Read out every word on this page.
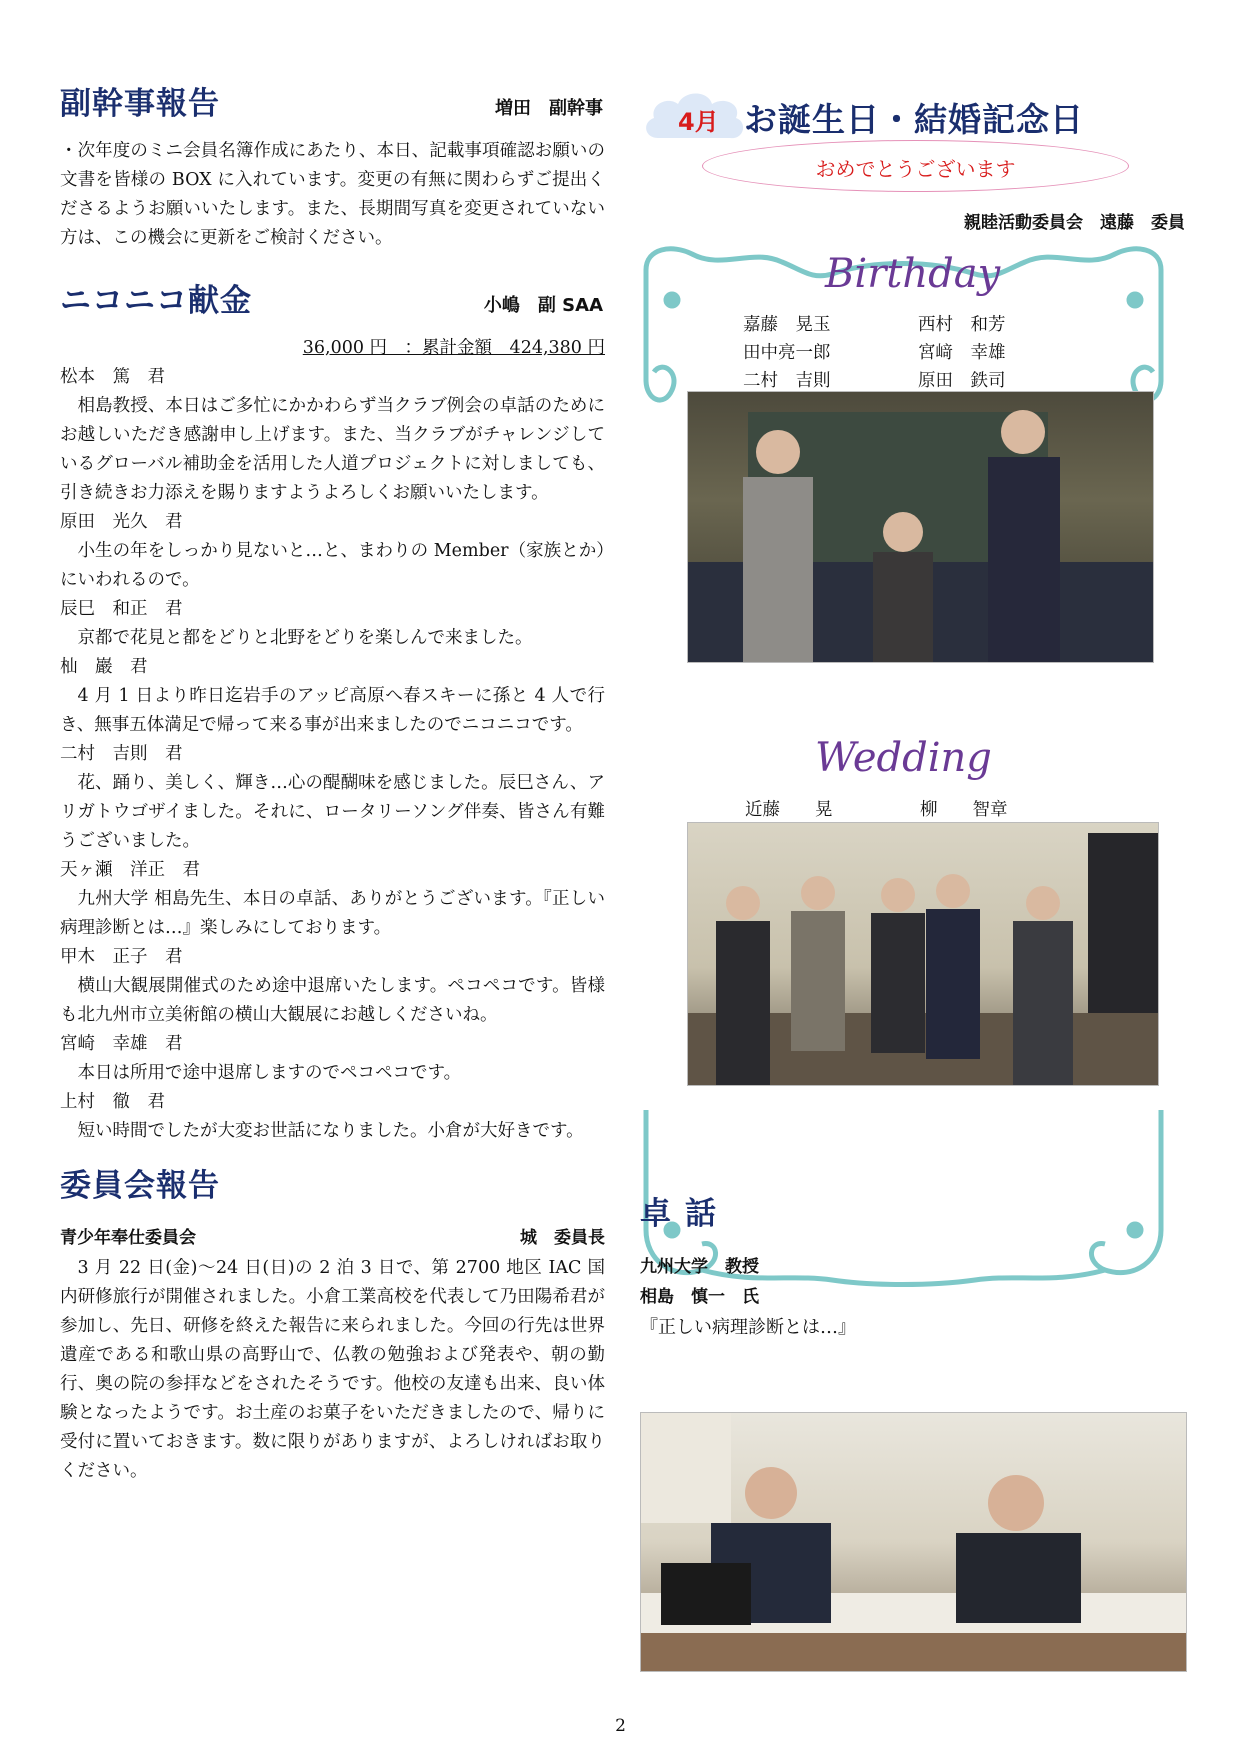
副幹事報告	増田　副幹事

・次年度のミニ会員名簿作成にあたり、本日、記載事項確認お願いの文書を皆様の BOX に入れています。変更の有無に関わらずご提出くださるようお願いいたします。また、長期間写真を変更されていない方は、この機会に更新をご検討ください。

ニコニコ献金	小嶋　副 SAA
36,000 円　：累計金額　424,380 円

松本　篤　君

相島教授、本日はご多忙にかかわらず当クラブ例会の卓話のためにお越しいただき感謝申し上げます。また、当クラブがチャレンジしているグローバル補助金を活用した人道プロジェクトに対しましても、引き続きお力添えを賜りますようよろしくお願いいたします。

原田　光久　君

小生の年をしっかり見ないと…と、まわりの Member（家族とか）にいわれるので。

辰巳　和正　君

京都で花見と都をどりと北野をどりを楽しんで来ました。

杣　巖　君

4 月 1 日より昨日迄岩手のアッピ高原へ春スキーに孫と 4 人で行き、無事五体満足で帰って来る事が出来ましたのでニコニコです。

二村　吉則　君

花、踊り、美しく、輝き…心の醍醐味を感じました。辰巳さん、アリガトウゴザイました。それに、ロータリーソング伴奏、皆さん有難うございました。

天ヶ瀬　洋正　君

九州大学 相島先生、本日の卓話、ありがとうございます。『正しい病理診断とは…』楽しみにしております。

甲木　正子　君

横山大観展開催式のため途中退席いたします。ペコペコです。皆様も北九州市立美術館の横山大観展にお越しくださいね。

宮崎　幸雄　君

本日は所用で途中退席しますのでペコペコです。

上村　徹　君

短い時間でしたが大変お世話になりました。小倉が大好きです。

委員会報告
青少年奉仕委員会	城　委員長

3 月 22 日(金)～24 日(日)の 2 泊 3 日で、第 2700 地区 IAC 国内研修旅行が開催されました。小倉工業高校を代表して乃田陽希君が参加し、先日、研修を終えた報告に来られました。今回の行先は世界遺産である和歌山県の高野山で、仏教の勉強および発表や、朝の勤行、奥の院の参拝などをされたそうです。他校の友達も出来、良い体験となったようです。お土産のお菓子をいただきましたので、帰りに受付に置いておきます。数に限りがありますが、よろしければお取りください。

4月 お誕生日・結婚記念日
おめでとうございます
親睦活動委員会　遠藤　委員
Birthday
嘉藤　晃玉	西村　和芳
田中亮一郎	宮﨑　幸雄
二村　吉則	原田　鉄司
Wedding
近藤　　晃	柳　　智章
卓話
九州大学　教授
相島　慎一　氏
『正しい病理診断とは…』
2
